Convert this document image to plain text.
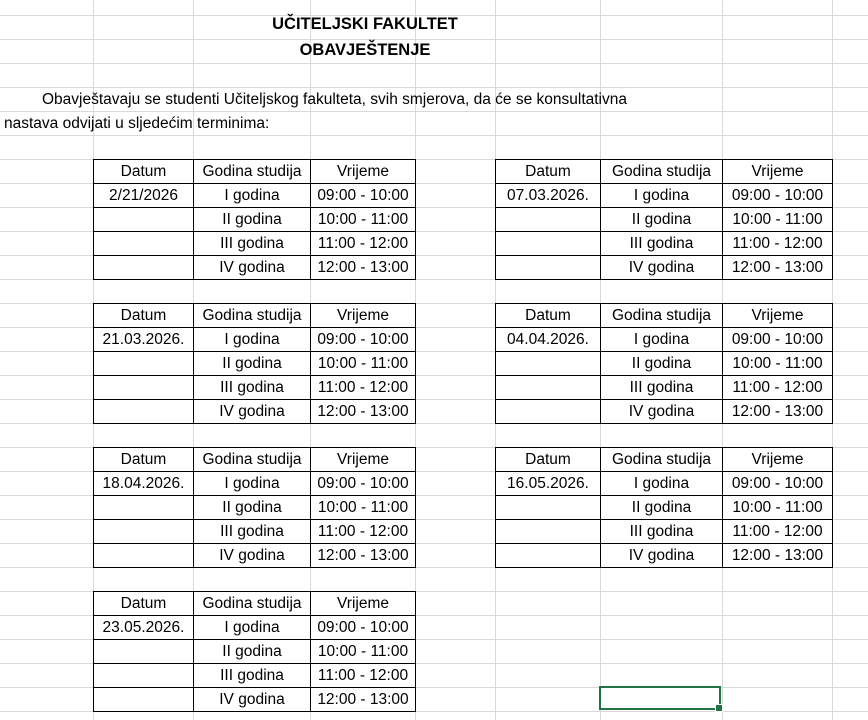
UČITELJSKI FAKULTET
OBAVJEŠTENJE
Obavještavaju se studenti Učiteljskog fakulteta, svih smjerova, da će se konsultativna
nastava odvijati u sljedećim terminima:
Datum	Godina studija	Vrijeme
2/21/2026	I godina	09:00 - 10:00
	II godina	10:00 - 11:00
	III godina	11:00 - 12:00
	IV godina	12:00 - 13:00
Datum	Godina studija	Vrijeme
07.03.2026.	I godina	09:00 - 10:00
	II godina	10:00 - 11:00
	III godina	11:00 - 12:00
	IV godina	12:00 - 13:00
Datum	Godina studija	Vrijeme
21.03.2026.	I godina	09:00 - 10:00
	II godina	10:00 - 11:00
	III godina	11:00 - 12:00
	IV godina	12:00 - 13:00
Datum	Godina studija	Vrijeme
04.04.2026.	I godina	09:00 - 10:00
	II godina	10:00 - 11:00
	III godina	11:00 - 12:00
	IV godina	12:00 - 13:00
Datum	Godina studija	Vrijeme
18.04.2026.	I godina	09:00 - 10:00
	II godina	10:00 - 11:00
	III godina	11:00 - 12:00
	IV godina	12:00 - 13:00
Datum	Godina studija	Vrijeme
16.05.2026.	I godina	09:00 - 10:00
	II godina	10:00 - 11:00
	III godina	11:00 - 12:00
	IV godina	12:00 - 13:00
Datum	Godina studija	Vrijeme
23.05.2026.	I godina	09:00 - 10:00
	II godina	10:00 - 11:00
	III godina	11:00 - 12:00
	IV godina	12:00 - 13:00
